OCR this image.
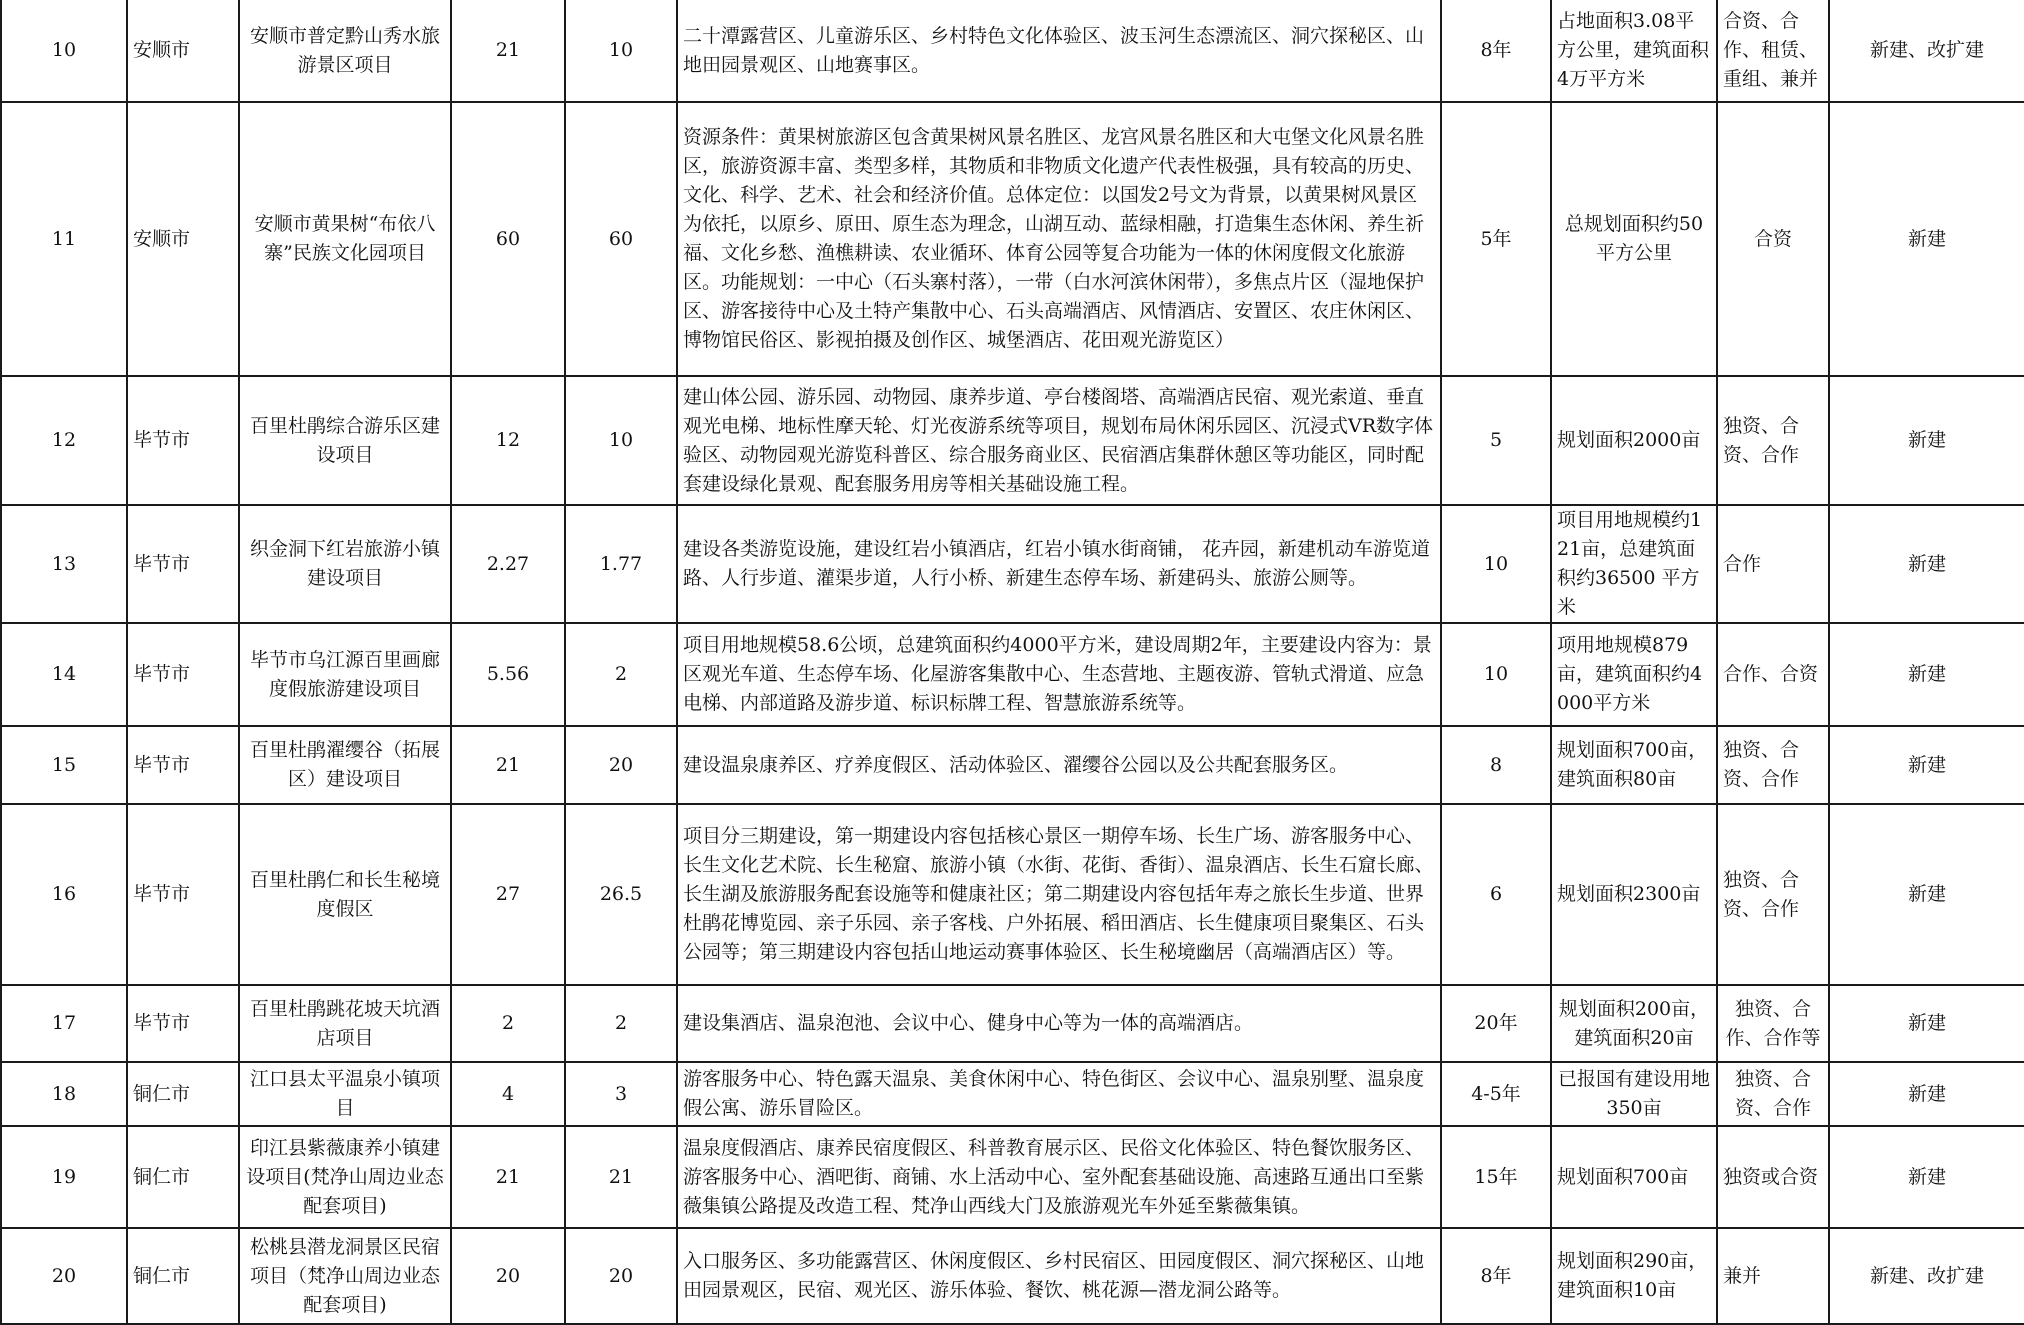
10	安顺市	安顺市普定黔山秀水旅游景区项目	21	10	二十潭露营区、儿童游乐区、乡村特色文化体验区、波玉河生态漂流区、洞穴探秘区、山地田园景观区、山地赛事区。	8年	占地面积3.08平方公里，建筑面积4万平方米	合资、合作、租赁、重组、兼并	新建、改扩建
11	安顺市	安顺市黄果树“布依八寨”民族文化园项目	60	60	资源条件：黄果树旅游区包含黄果树风景名胜区、龙宫风景名胜区和大屯堡文化风景名胜区，旅游资源丰富、类型多样，其物质和非物质文化遗产代表性极强，具有较高的历史、文化、科学、艺术、社会和经济价值。总体定位：以国发2号文为背景，以黄果树风景区为依托，以原乡、原田、原生态为理念，山湖互动、蓝绿相融，打造集生态休闲、养生祈福、文化乡愁、渔樵耕读、农业循环、体育公园等复合功能为一体的休闲度假文化旅游区。功能规划：一中心（石头寨村落），一带（白水河滨休闲带），多焦点片区（湿地保护区、游客接待中心及土特产集散中心、石头高端酒店、风情酒店、安置区、农庄休闲区、博物馆民俗区、影视拍摄及创作区、城堡酒店、花田观光游览区）	5年	总规划面积约50平方公里	合资	新建
12	毕节市	百里杜鹃综合游乐区建设项目	12	10	建山体公园、游乐园、动物园、康养步道、亭台楼阁塔、高端酒店民宿、观光索道、垂直观光电梯、地标性摩天轮、灯光夜游系统等项目，规划布局休闲乐园区、沉浸式VR数字体验区、动物园观光游览科普区、综合服务商业区、民宿酒店集群休憩区等功能区，同时配套建设绿化景观、配套服务用房等相关基础设施工程。	5	规划面积2000亩	独资、合资、合作	新建
13	毕节市	织金洞下红岩旅游小镇建设项目	2.27	1.77	建设各类游览设施，建设红岩小镇酒店，红岩小镇水街商铺， 花卉园，新建机动车游览道路、人行步道、灌渠步道，人行小桥、新建生态停车场、新建码头、旅游公厕等。	10	项目用地规模约121亩，总建筑面积约36500 平方米	合作	新建
14	毕节市	毕节市乌江源百里画廊度假旅游建设项目	5.56	2	项目用地规模58.6公顷，总建筑面积约4000平方米，建设周期2年，主要建设内容为：景区观光车道、生态停车场、化屋游客集散中心、生态营地、主题夜游、管轨式滑道、应急电梯、内部道路及游步道、标识标牌工程、智慧旅游系统等。	10	项用地规模879亩，建筑面积约4000平方米	合作、合资	新建
15	毕节市	百里杜鹃濯缨谷（拓展区）建设项目	21	20	建设温泉康养区、疗养度假区、活动体验区、濯缨谷公园以及公共配套服务区。	8	规划面积700亩，建筑面积80亩	独资、合资、合作	新建
16	毕节市	百里杜鹃仁和长生秘境度假区	27	26.5	项目分三期建设，第一期建设内容包括核心景区一期停车场、长生广场、游客服务中心、长生文化艺术院、长生秘窟、旅游小镇（水街、花街、香街）、温泉酒店、长生石窟长廊、长生湖及旅游服务配套设施等和健康社区；第二期建设内容包括年寿之旅长生步道、世界杜鹃花博览园、亲子乐园、亲子客栈、户外拓展、稻田酒店、长生健康项目聚集区、石头公园等；第三期建设内容包括山地运动赛事体验区、长生秘境幽居（高端酒店区）等。	6	规划面积2300亩	独资、合资、合作	新建
17	毕节市	百里杜鹃跳花坡天坑酒店项目	2	2	建设集酒店、温泉泡池、会议中心、健身中心等为一体的高端酒店。	20年	规划面积200亩，建筑面积20亩	独资、合作、合作等	新建
18	铜仁市	江口县太平温泉小镇项目	4	3	游客服务中心、特色露天温泉、美食休闲中心、特色街区、会议中心、温泉别墅、温泉度假公寓、游乐冒险区。	4-5年	已报国有建设用地350亩	独资、合资、合作	新建
19	铜仁市	印江县紫薇康养小镇建设项目(梵净山周边业态配套项目)	21	21	温泉度假酒店、康养民宿度假区、科普教育展示区、民俗文化体验区、特色餐饮服务区、游客服务中心、酒吧街、商铺、水上活动中心、室外配套基础设施、高速路互通出口至紫薇集镇公路提及改造工程、梵净山西线大门及旅游观光车外延至紫薇集镇。	15年	规划面积700亩	独资或合资	新建
20	铜仁市	松桃县潜龙洞景区民宿项目（梵净山周边业态配套项目)	20	20	入口服务区、多功能露营区、休闲度假区、乡村民宿区、田园度假区、洞穴探秘区、山地田园景观区，民宿、观光区、游乐体验、餐饮、桃花源—潜龙洞公路等。	8年	规划面积290亩，建筑面积10亩	兼并	新建、改扩建
